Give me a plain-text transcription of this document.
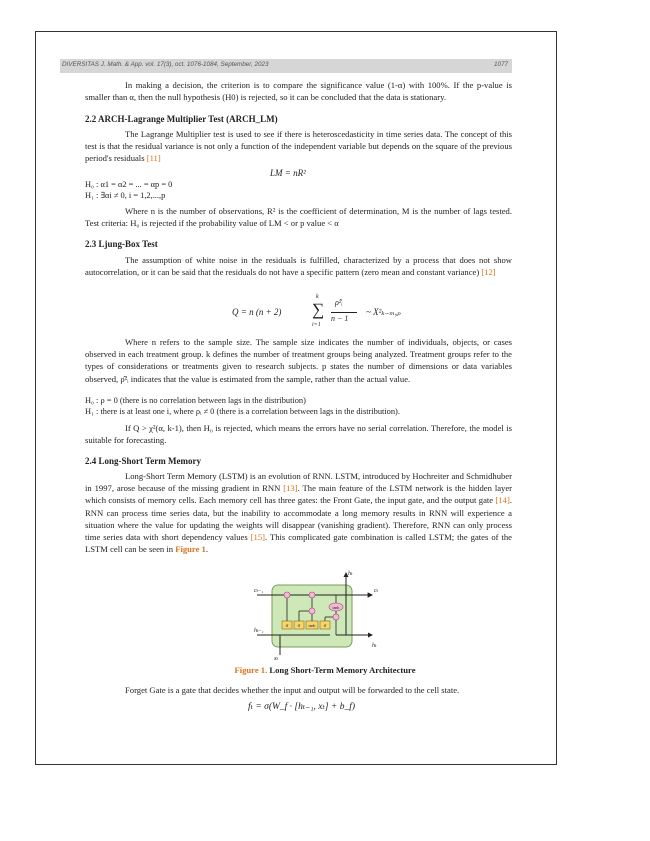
DIVERSITAS J. Math. & App. vol. 17(3), oct. 1076-1084, September, 2023	1077

In making a decision, the criterion is to compare the significance value (1-α) with 100%. If the p-value is smaller than α, then the null hypothesis (H0) is rejected, so it can be concluded that the data is stationary.

2.2 ARCH-Lagrange Multiplier Test (ARCH_LM)

The Lagrange Multiplier test is used to see if there is heteroscedasticity in time series data. The concept of this test is that the residual variance is not only a function of the independent variable but depends on the square of the previous period's residuals [11]

LM = nR²
H₀ : α1 = α2 = ... = αp = 0
H₁ : ∃αi ≠ 0, i = 1,2,...,p

Where n is the number of observations, R² is the coefficient of determination, M is the number of lags tested. Test criteria: H₀ is rejected if the probability value of LM < or p value < α

2.3 Ljung-Box Test

The assumption of white noise in the residuals is fulfilled, characterized by a process that does not show autocorrelation, or it can be said that the residuals do not have a specific pattern (zero mean and constant variance) [12]

Q = n (n + 2)
k
∑
i=1
ρ̂²ᵢ
n − 1
~ X²ₖ₋ₘ,ₚ

Where n refers to the sample size. The sample size indicates the number of individuals, objects, or cases observed in each treatment group. k defines the number of treatment groups being analyzed. Treatment groups refer to the types of considerations or treatments given to research subjects. p states the number of dimensions or data variables observed, ρ̂²ᵢ indicates that the value is estimated from the sample, rather than the actual value.

H₀ : ρ = 0 (there is no correlation between lags in the distribution)
H₁ : there is at least one i, where ρᵢ ≠ 0 (there is a correlation between lags in the distribution).

If Q > χ²(α, k-1), then H₀ is rejected, which means the errors have no serial correlation. Therefore, the model is suitable for forecasting.

2.4 Long-Short Term Memory

Long-Short Term Memory (LSTM) is an evolution of RNN. LSTM, introduced by Hochreiter and Schmidhuber in 1997, arose because of the missing gradient in RNN [13]. The main feature of the LSTM network is the hidden layer which consists of memory cells. Each memory cell has three gates: the Front Gate, the input gate, and the output gate [14]. RNN can process time series data, but the inability to accommodate a long memory results in RNN will experience a situation where the value for updating the weights will disappear (vanishing gradient). Therefore, RNN can only process time series data with short dependency values [15]. This complicated gate combination is called LSTM; the gates of the LSTM cell can be seen in Figure 1.

σ σ tanh σ
tanh
cₜ₋₁	cₜ
hₜ₋₁
hₜ
hₜ
xₜ
Figure 1. Long Short-Term Memory Architecture

Forget Gate is a gate that decides whether the input and output will be forwarded to the cell state.

fₜ = σ(W_f · [hₜ₋₁, xₜ] + b_f)
